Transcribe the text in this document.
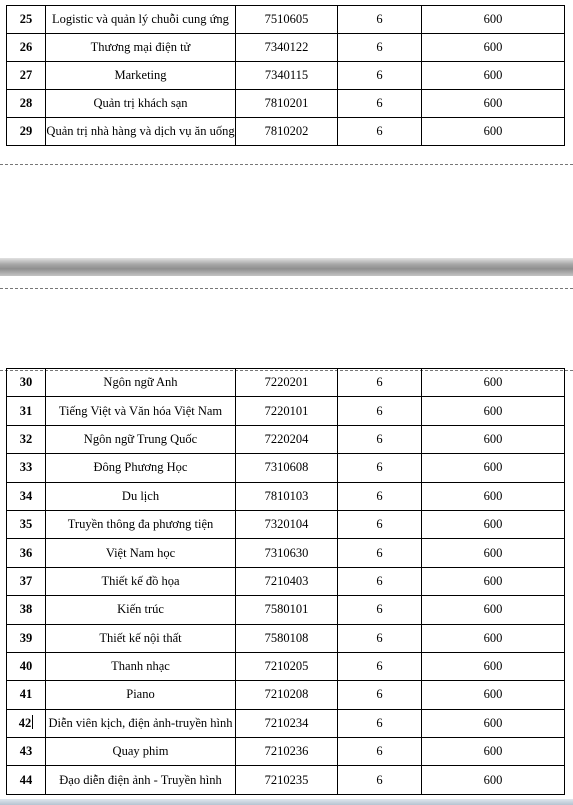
25	Logistic và quản lý chuỗi cung ứng	7510605	6	600
26	Thương mại điện tử	7340122	6	600
27	Marketing	7340115	6	600
28	Quản trị khách sạn	7810201	6	600
29	Quản trị nhà hàng và dịch vụ ăn uống	7810202	6	600
30	Ngôn ngữ Anh	7220201	6	600
31	Tiếng Việt và Văn hóa Việt Nam	7220101	6	600
32	Ngôn ngữ Trung Quốc	7220204	6	600
33	Đông Phương Học	7310608	6	600
34	Du lịch	7810103	6	600
35	Truyền thông đa phương tiện	7320104	6	600
36	Việt Nam học	7310630	6	600
37	Thiết kế đồ họa	7210403	6	600
38	Kiến trúc	7580101	6	600
39	Thiết kế nội thất	7580108	6	600
40	Thanh nhạc	7210205	6	600
41	Piano	7210208	6	600
42	Diễn viên kịch, điện ảnh-truyền hình	7210234	6	600
43	Quay phim	7210236	6	600
44	Đạo diễn điện ảnh - Truyền hình	7210235	6	600
